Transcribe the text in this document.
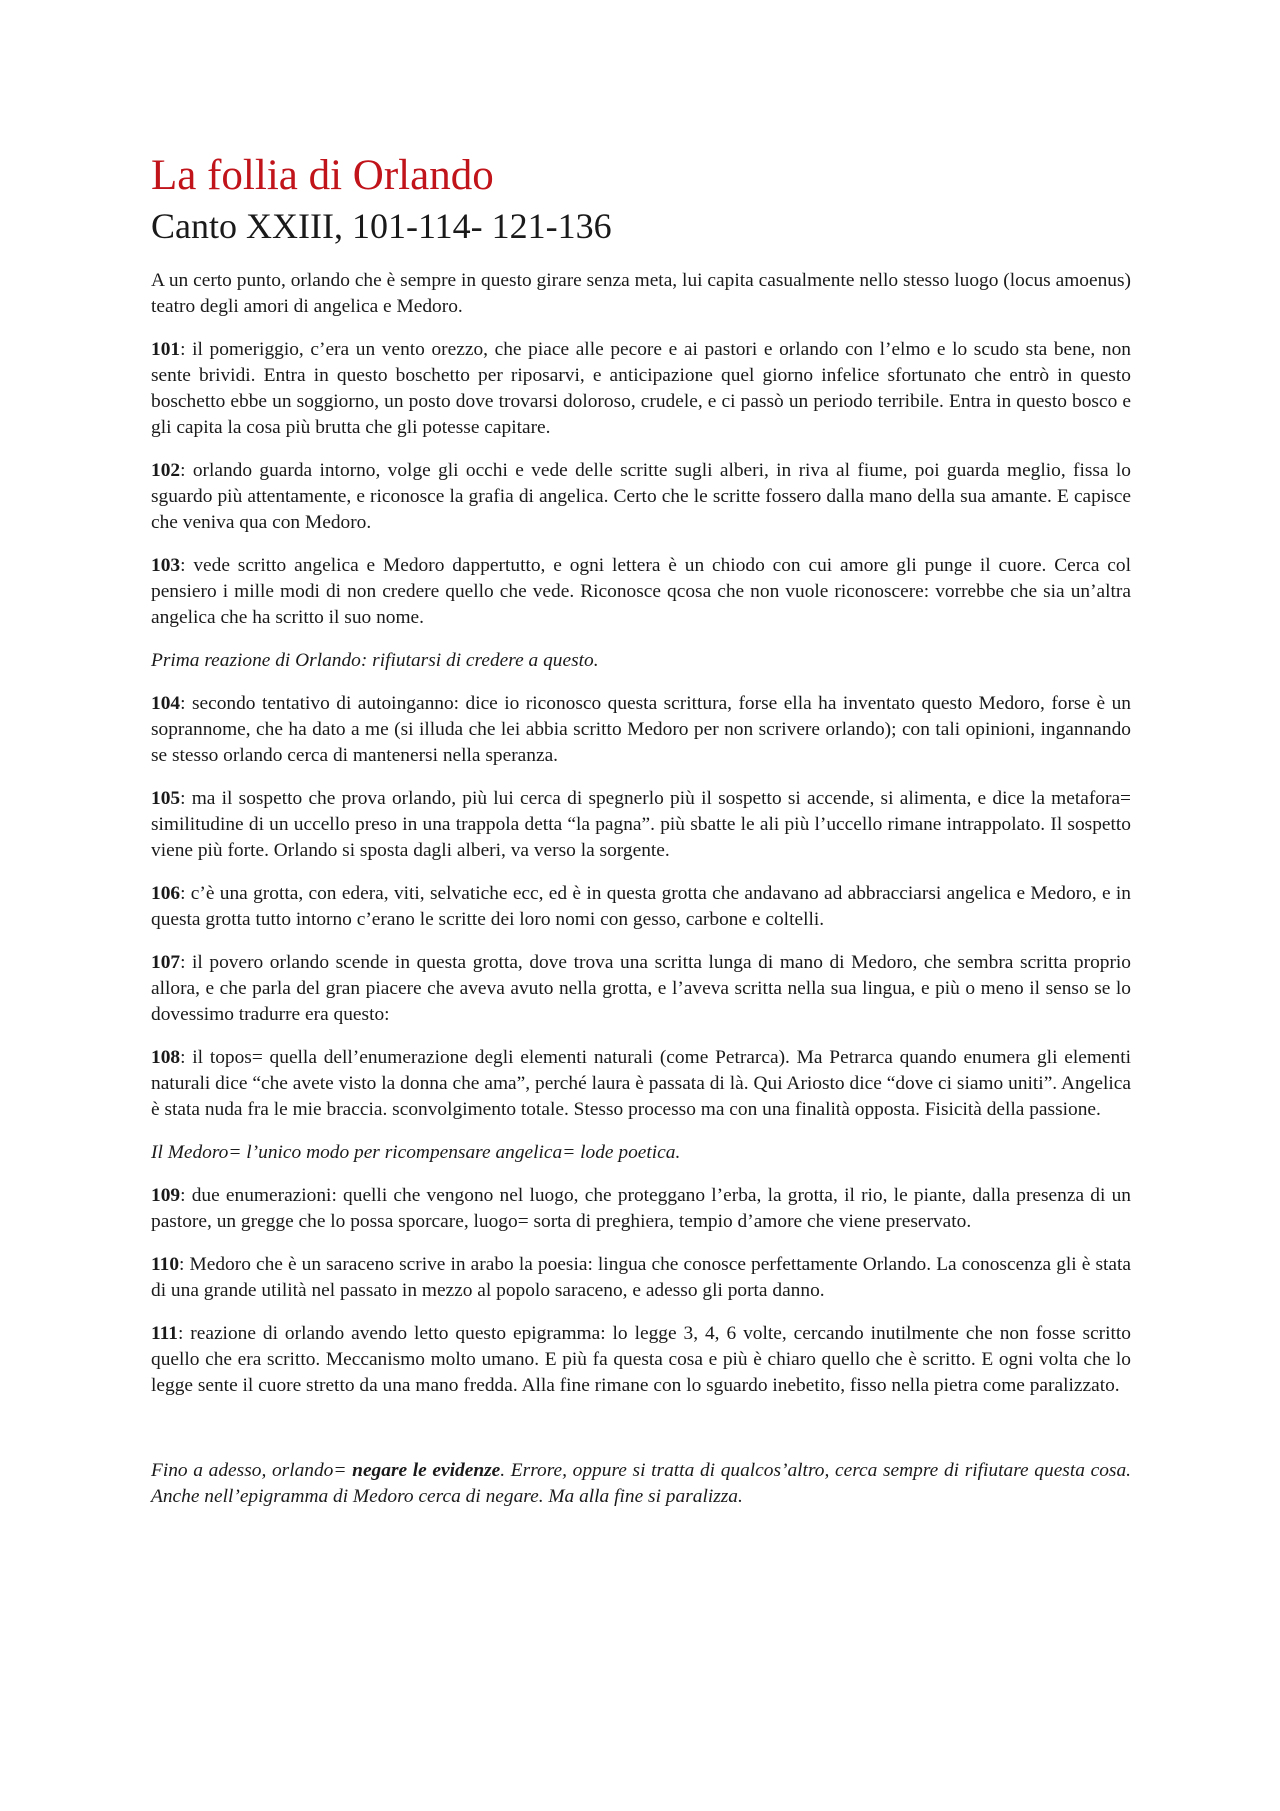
La follia di Orlando
Canto XXIII, 101-114- 121-136

A un certo punto, orlando che è sempre in questo girare senza meta, lui capita casualmente nello stesso luogo (locus amoenus) teatro degli amori di angelica e Medoro.

101: il pomeriggio, c’era un vento orezzo, che piace alle pecore e ai pastori e orlando con l’elmo e lo scudo sta bene, non sente brividi. Entra in questo boschetto per riposarvi, e anticipazione quel giorno infelice sfortunato che entrò in questo boschetto ebbe un soggiorno, un posto dove trovarsi doloroso, crudele, e ci passò un periodo terribile. Entra in questo bosco e gli capita la cosa più brutta che gli potesse capitare.

102: orlando guarda intorno, volge gli occhi e vede delle scritte sugli alberi, in riva al fiume, poi guarda meglio, fissa lo sguardo più attentamente, e riconosce la grafia di angelica. Certo che le scritte fossero dalla mano della sua amante. E capisce che veniva qua con Medoro.

103: vede scritto angelica e Medoro dappertutto, e ogni lettera è un chiodo con cui amore gli punge il cuore. Cerca col pensiero i mille modi di non credere quello che vede. Riconosce qcosa che non vuole riconoscere: vorrebbe che sia un’altra angelica che ha scritto il suo nome.

Prima reazione di Orlando: rifiutarsi di credere a questo.

104: secondo tentativo di autoinganno: dice io riconosco questa scrittura, forse ella ha inventato questo Medoro, forse è un soprannome, che ha dato a me (si illuda che lei abbia scritto Medoro per non scrivere orlando); con tali opinioni, ingannando se stesso orlando cerca di mantenersi nella speranza.

105: ma il sospetto che prova orlando, più lui cerca di spegnerlo più il sospetto si accende, si alimenta, e dice la metafora= similitudine di un uccello preso in una trappola detta “la pagna”. più sbatte le ali più l’uccello rimane intrappolato. Il sospetto viene più forte. Orlando si sposta dagli alberi, va verso la sorgente.

106: c’è una grotta, con edera, viti, selvatiche ecc, ed è in questa grotta che andavano ad abbracciarsi angelica e Medoro, e in questa grotta tutto intorno c’erano le scritte dei loro nomi con gesso, carbone e coltelli.

107: il povero orlando scende in questa grotta, dove trova una scritta lunga di mano di Medoro, che sembra scritta proprio allora, e che parla del gran piacere che aveva avuto nella grotta, e l’aveva scritta nella sua lingua, e più o meno il senso se lo dovessimo tradurre era questo:

108: il topos= quella dell’enumerazione degli elementi naturali (come Petrarca). Ma Petrarca quando enumera gli elementi naturali dice “che avete visto la donna che ama”, perché laura è passata di là. Qui Ariosto dice “dove ci siamo uniti”. Angelica è stata nuda fra le mie braccia. sconvolgimento totale. Stesso processo ma con una finalità opposta. Fisicità della passione.

Il Medoro= l’unico modo per ricompensare angelica= lode poetica.

109: due enumerazioni: quelli che vengono nel luogo, che proteggano l’erba, la grotta, il rio, le piante, dalla presenza di un pastore, un gregge che lo possa sporcare, luogo= sorta di preghiera, tempio d’amore che viene preservato.

110: Medoro che è un saraceno scrive in arabo la poesia: lingua che conosce perfettamente Orlando. La conoscenza gli è stata di una grande utilità nel passato in mezzo al popolo saraceno, e adesso gli porta danno.

111: reazione di orlando avendo letto questo epigramma: lo legge 3, 4, 6 volte, cercando inutilmente che non fosse scritto quello che era scritto. Meccanismo molto umano. E più fa questa cosa e più è chiaro quello che è scritto. E ogni volta che lo legge sente il cuore stretto da una mano fredda. Alla fine rimane con lo sguardo inebetito, fisso nella pietra come paralizzato.

Fino a adesso, orlando= negare le evidenze. Errore, oppure si tratta di qualcos’altro, cerca sempre di rifiutare questa cosa. Anche nell’epigramma di Medoro cerca di negare. Ma alla fine si paralizza.
